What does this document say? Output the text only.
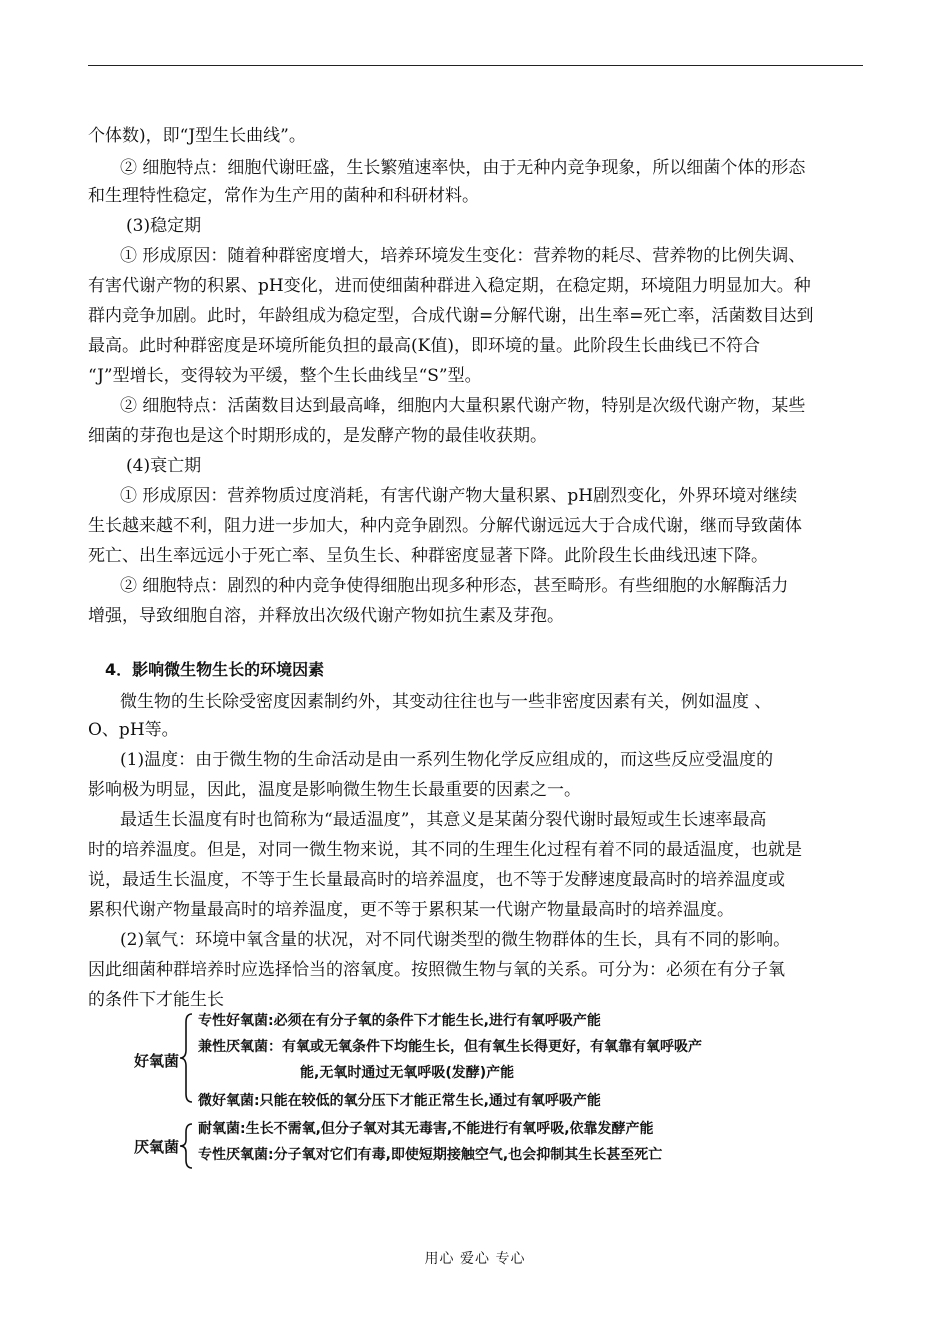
个体数)，即“J型生长曲线”。
② 细胞特点：细胞代谢旺盛，生长繁殖速率快，由于无种内竞争现象，所以细菌个体的形态
和生理特性稳定，常作为生产用的菌种和科研材料。
(3)稳定期
① 形成原因：随着种群密度增大，培养环境发生变化：营养物的耗尽、营养物的比例失调、
有害代谢产物的积累、pH变化，进而使细菌种群进入稳定期，在稳定期，环境阻力明显加大。种
群内竞争加剧。此时，年龄组成为稳定型，合成代谢=分解代谢，出生率=死亡率，活菌数目达到
最高。此时种群密度是环境所能负担的最高(K值)，即环境的量。此阶段生长曲线已不符合
“J”型增长，变得较为平缓，整个生长曲线呈“S”型。
② 细胞特点：活菌数目达到最高峰，细胞内大量积累代谢产物，特别是次级代谢产物，某些
细菌的芽孢也是这个时期形成的，是发酵产物的最佳收获期。
(4)衰亡期
① 形成原因：营养物质过度消耗，有害代谢产物大量积累、pH剧烈变化，外界环境对继续
生长越来越不利，阻力进一步加大，种内竞争剧烈。分解代谢远远大于合成代谢，继而导致菌体
死亡、出生率远远小于死亡率、呈负生长、种群密度显著下降。此阶段生长曲线迅速下降。
② 细胞特点：剧烈的种内竞争使得细胞出现多种形态，甚至畸形。有些细胞的水解酶活力
增强，导致细胞自溶，并释放出次级代谢产物如抗生素及芽孢。
4．影响微生物生长的环境因素
微生物的生长除受密度因素制约外，其变动往往也与一些非密度因素有关，例如温度 、
O、pH等。
(1)温度：由于微生物的生命活动是由一系列生物化学反应组成的，而这些反应受温度的
影响极为明显，因此，温度是影响微生物生长最重要的因素之一。
最适生长温度有时也简称为“最适温度”，其意义是某菌分裂代谢时最短或生长速率最高
时的培养温度。但是，对同一微生物来说，其不同的生理生化过程有着不同的最适温度，也就是
说，最适生长温度，不等于生长量最高时的培养温度，也不等于发酵速度最高时的培养温度或
累积代谢产物量最高时的培养温度，更不等于累积某一代谢产物量最高时的培养温度。
(2)氧气：环境中氧含量的状况，对不同代谢类型的微生物群体的生长，具有不同的影响。
因此细菌种群培养时应选择恰当的溶氧度。按照微生物与氧的关系。可分为：必须在有分子氧
的条件下才能生长
好氧菌
专性好氧菌:必须在有分子氧的条件下才能生长,进行有氧呼吸产能
兼性厌氧菌：有氧或无氧条件下均能生长，但有氧生长得更好，有氧靠有氧呼吸产
能,无氧时通过无氧呼吸(发酵)产能
微好氧菌:只能在较低的氧分压下才能正常生长,通过有氧呼吸产能
厌氧菌
耐氧菌:生长不需氧,但分子氧对其无毒害,不能进行有氧呼吸,依靠发酵产能
专性厌氧菌:分子氧对它们有毒,即使短期接触空气,也会抑制其生长甚至死亡
用心 爱心 专心
